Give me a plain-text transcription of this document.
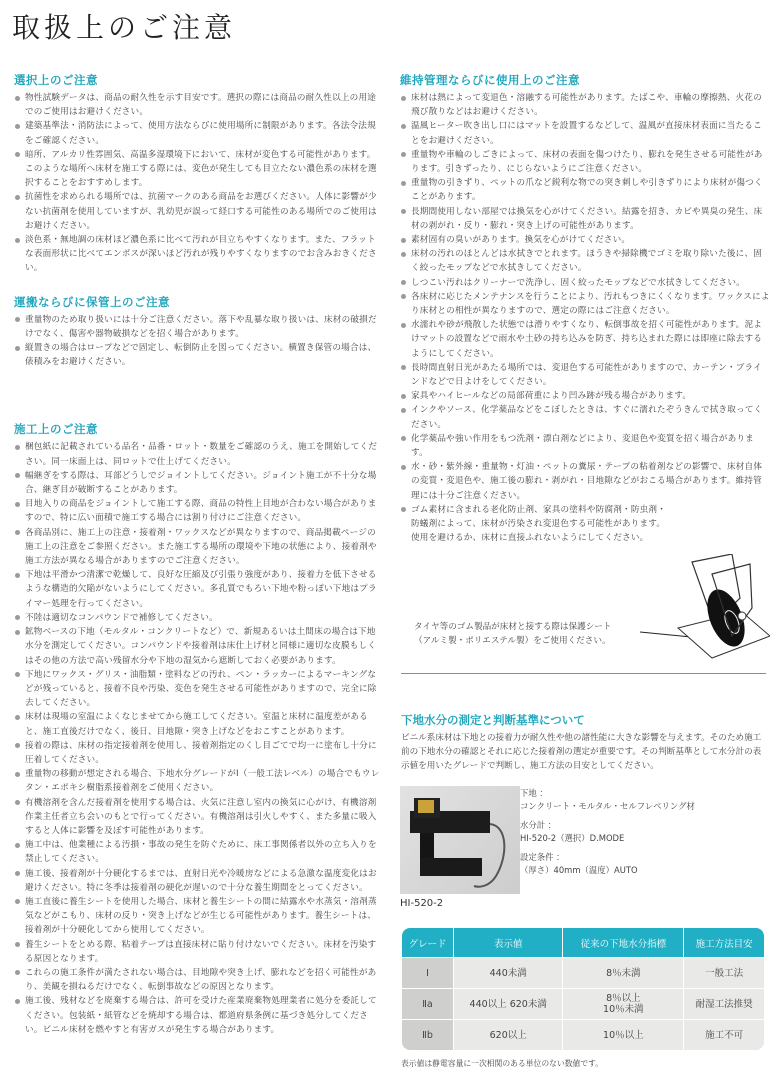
取扱上のご注意
選択上のご注意
物性試験データは、商品の耐久性を示す目安です。選択の際には商品の耐久性以上の用途でのご使用はお避けください。
建築基準法・消防法によって、使用方法ならびに使用場所に制限があります。各法令法規をご確認ください。
暗所、アルカリ性雰囲気、高温多湿環境下において、床材が変色する可能性があります。このような場所へ床材を施工する際には、変色が発生しても目立たない濃色系の床材を選択することをおすすめします。
抗菌性を求められる場所では、抗菌マークのある商品をお選びください。人体に影響が少ない抗菌剤を使用していますが、乳幼児が誤って経口する可能性のある場所でのご使用はお避けください。
淡色系・無地調の床材ほど濃色系に比べて汚れが目立ちやすくなります。また、フラットな表面形状に比べてエンボスが深いほど汚れが残りやすくなりますのでお含みおきください。
運搬ならびに保管上のご注意
重量物のため取り扱いには十分ご注意ください。落下や乱暴な取り扱いは、床材の破損だけでなく、傷害や器物破損などを招く場合があります。
縦置きの場合はロープなどで固定し、転倒防止を図ってください。横置き保管の場合は、俵積みをお避けください。
施工上のご注意
梱包紙に記載されている品名・品番・ロット・数量をご確認のうえ、施工を開始してください。同一床面上は、同ロットで仕上げてください。
幅継ぎをする際は、耳部どうしでジョイントしてください。ジョイント施工が不十分な場合、継ぎ目が破断することがあります。
目地入りの商品をジョイントして施工する際、商品の特性上目地が合わない場合がありますので、特に広い面積で施工する場合には割り付けにご注意ください。
各商品別に、施工上の注意・接着剤・ワックスなどが異なりますので、商品掲載ページの施工上の注意をご参照ください。また施工する場所の環境や下地の状態により、接着剤や施工方法が異なる場合がありますのでご注意ください。
下地は平滑かつ清潔で乾燥して、良好な圧縮及び引張り強度があり、接着力を低下させるような構造的欠陥がないようにしてください。多孔質でもろい下地や粉っぽい下地はプライマー処理を行ってください。
不陸は適切なコンパウンドで補修してください。
鉱物ベースの下地（モルタル・コンクリートなど）で、新規あるいは土間床の場合は下地水分を測定してください。コンパウンドや接着剤は床仕上げ材と同様に適切な皮膜もしくはその他の方法で高い残留水分や下地の湿気から遮断しておく必要があります。
下地にワックス・グリス・油脂類・塗料などの汚れ、ペン・ラッカーによるマーキングなどが残っていると、接着不良や汚染、変色を発生させる可能性がありますので、完全に除去してください。
床材は現場の室温によくなじませてから施工してください。室温と床材に温度差があると、施工直後だけでなく、後日、目地隙・突き上げなどをおこすことがあります。
接着の際は、床材の指定接着剤を使用し、接着剤指定のくし目ごてで均一に塗布し十分に圧着してください。
重量物の移動が想定される場合、下地水分グレードがⅠ（一般工法レベル）の場合でもウレタン・エポキシ樹脂系接着剤をご使用ください。
有機溶剤を含んだ接着剤を使用する場合は、火気に注意し室内の換気に心がけ、有機溶剤作業主任者立ち会いのもとで行ってください。有機溶剤は引火しやすく、また多量に吸入すると人体に影響を及ぼす可能性があります。
施工中は、他業種による汚損・事故の発生を防ぐために、床工事関係者以外の立ち入りを禁止してください。
施工後、接着剤が十分硬化するまでは、直射日光や冷暖房などによる急激な温度変化はお避けください。特に冬季は接着剤の硬化が遅いので十分な養生期間をとってください。
施工直後に養生シートを使用した場合、床材と養生シートの間に結露水や水蒸気・溶剤蒸気などがこもり、床材の反り・突き上げなどが生じる可能性があります。養生シートは、接着剤が十分硬化してから使用してください。
養生シートをとめる際、粘着テープは直接床材に貼り付けないでください。床材を汚染する原因となります。
これらの施工条件が満たされない場合は、目地隙や突き上げ、膨れなどを招く可能性があり、美観を損ねるだけでなく、転倒事故などの原因となります。
施工後、残材などを廃棄する場合は、許可を受けた産業廃棄物処理業者に処分を委託してください。包装紙・紙管などを焼却する場合は、都道府県条例に基づき処分してください。ビニル床材を燃やすと有害ガスが発生する場合があります。
維持管理ならびに使用上のご注意
床材は熱によって変退色・溶融する可能性があります。たばこや、車輪の摩擦熱、火花の飛び散りなどはお避けください。
温風ヒーター吹き出し口にはマットを設置するなどして、温風が直接床材表面に当たることをお避けください。
重量物や車輪のしごきによって、床材の表面を傷つけたり、膨れを発生させる可能性があります。引きずったり、にじらないようにご注意ください。
重量物の引きずり、ペットの爪など鋭利な物での突き刺しや引きずりにより床材が傷つくことがあります。
長期間使用しない部屋では換気を心がけてください。結露を招き、カビや異臭の発生、床材の剥がれ・反り・膨れ・突き上げの可能性があります。
素材固有の臭いがあります。換気を心がけてください。
床材の汚れのほとんどは水拭きでとれます。ほうきや掃除機でゴミを取り除いた後に、固く絞ったモップなどで水拭きしてください。
しつこい汚れはクリーナーで洗浄し、固く絞ったモップなどで水拭きしてください。
各床材に応じたメンテナンスを行うことにより、汚れもつきにくくなります。ワックスにより床材との相性が異なりますので、選定の際にはご注意ください。
水濡れや砂が飛散した状態では滑りやすくなり、転倒事故を招く可能性があります。泥よけマットの設置などで雨水や土砂の持ち込みを防ぎ、持ち込まれた際には即座に除去するようにしてください。
長時間直射日光があたる場所では、変退色する可能性がありますので、カーテン・ブラインドなどで日よけをしてください。
家具やハイヒールなどの局部荷重により凹み跡が残る場合があります。
インクやソース、化学薬品などをこぼしたときは、すぐに濡れたぞうきんで拭き取ってください。
化学薬品や強い作用をもつ洗剤・漂白剤などにより、変退色や変質を招く場合があります。
水・砂・紫外線・重量物・灯油・ペットの糞尿・テープの粘着剤などの影響で、床材自体の変質・変退色や、施工後の膨れ・剥がれ・目地隙などがおこる場合があります。維持管理には十分ご注意ください。
ゴム素材に含まれる老化防止剤、家具の塗料や防腐剤・防虫剤・防蟻剤によって、床材が汚染され変退色する可能性があります。使用を避けるか、床材に直接ふれないようにしてください。
タイヤ等のゴム製品が床材と接する際は保護シート
（アルミ製・ポリエステル製）をご使用ください。
下地水分の測定と判断基準について

ビニル系床材は下地との接着力が耐久性や他の諸性能に大きな影響を与えます。そのため施工前の下地水分の確認とそれに応じた接着剤の選定が重要です。その判断基準として水分計の表示値を用いたグレードで判断し、施工方法の目安としてください。

HI-520-2
下地 ：
コンクリート・モルタル・セルフレベリング材
水分計 ：
HI-520-2（選択）D.MODE
設定条件 ：
（厚さ）40mm（温度）AUTO
グレード	表示値	従来の下地水分指標	施工方法目安
Ⅰ	440未満	8％未満	一般工法
Ⅱa	440以上 620未満	8％以上
10％未満	耐湿工法推奨
Ⅱb	620以上	10％以上	施工不可
表示値は静電容量に一次相関のある単位のない数値です。
